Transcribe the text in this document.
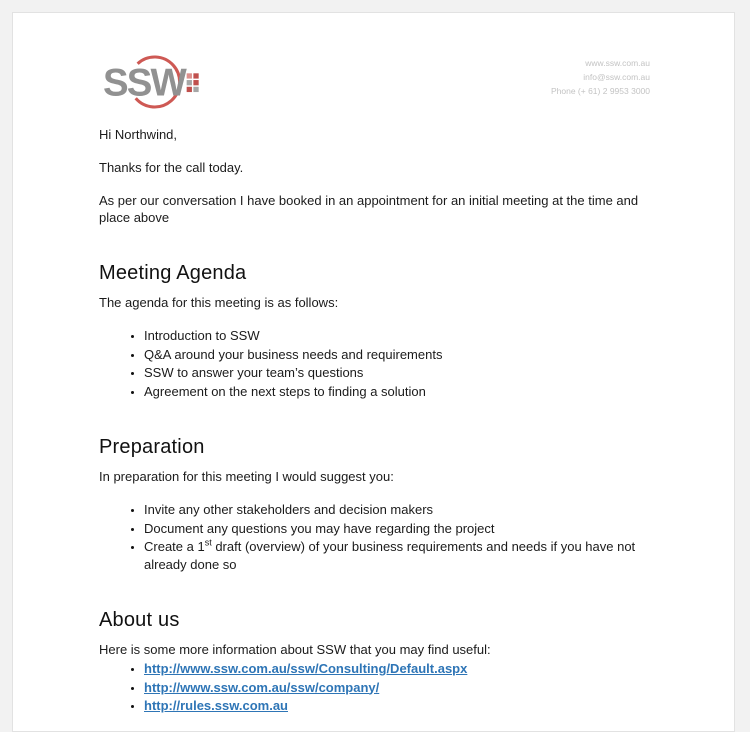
SSW	www.ssw.com.au
info@ssw.com.au
Phone (+ 61) 2 9953 3000

Hi Northwind,

Thanks for the call today.

As per our conversation I have booked in an appointment for an initial meeting at the time and place above

Meeting Agenda

The agenda for this meeting is as follows:

• Introduction to SSW
• Q&A around your business needs and requirements
• SSW to answer your team’s questions
• Agreement on the next steps to finding a solution
Preparation

In preparation for this meeting I would suggest you:

• Invite any other stakeholders and decision makers
• Document any questions you may have regarding the project
• Create a 1st draft (overview) of your business requirements and needs if you have not  already done so
About us

Here is some more information about SSW that you may find useful:

• http://www.ssw.com.au/ssw/Consulting/Default.aspx
• http://www.ssw.com.au/ssw/company/
• http://rules.ssw.com.au
